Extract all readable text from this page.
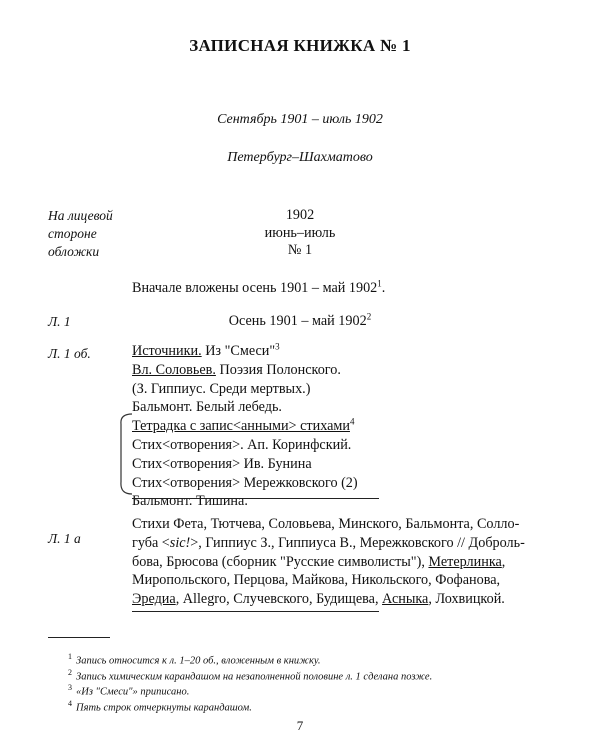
ЗАПИСНАЯ КНИЖКА № 1
Сентябрь 1901 – июль 1902
Петербург–Шахматово
На лицевой
стороне
обложки
1902
июнь–июль
№ 1
Вначале вложены осень 1901 – май 1902$^1$.
Л. 1	Осень 1901 – май 1902$^2$
Л. 1 об.	Источники. Из "Смеси"$^3$
Вл. Соловьев. Поэзия Полонского.
(З. Гиппиус. Среди мертвых.)
Бальмонт. Белый лебедь.
Тетрадка с запис<анными> стихами$^4$
Стих<отворения>. Ап. Коринфский.
Стих<отворения> Ив. Бунина
Стих<отворения> Мережковского (2)
Бальмонт. Тишина.
Л. 1 а
Стихи Фета, Тютчева, Соловьева, Минского, Бальмонта, Солло-
губа <sic!>, Гиппиус З., Гиппиуса В., Мережковского // Доброль-
бова, Брюсова (сборник "Русские символисты"), Метерлинка,
Миропольского, Перцова, Майкова, Никольского, Фофанова,
Эредиа, Allegro, Случевского, Будищева, Асныка, Лохвицкой.
$^1$ Запись относится к л. 1–20 об., вложенным в книжку.
$^2$ Запись химическим карандашом на незаполненной половине л. 1 сделана позже.
$^3$ «Из "Смеси"» приписано.
$^4$ Пять строк отчеркнуты карандашом.
7
